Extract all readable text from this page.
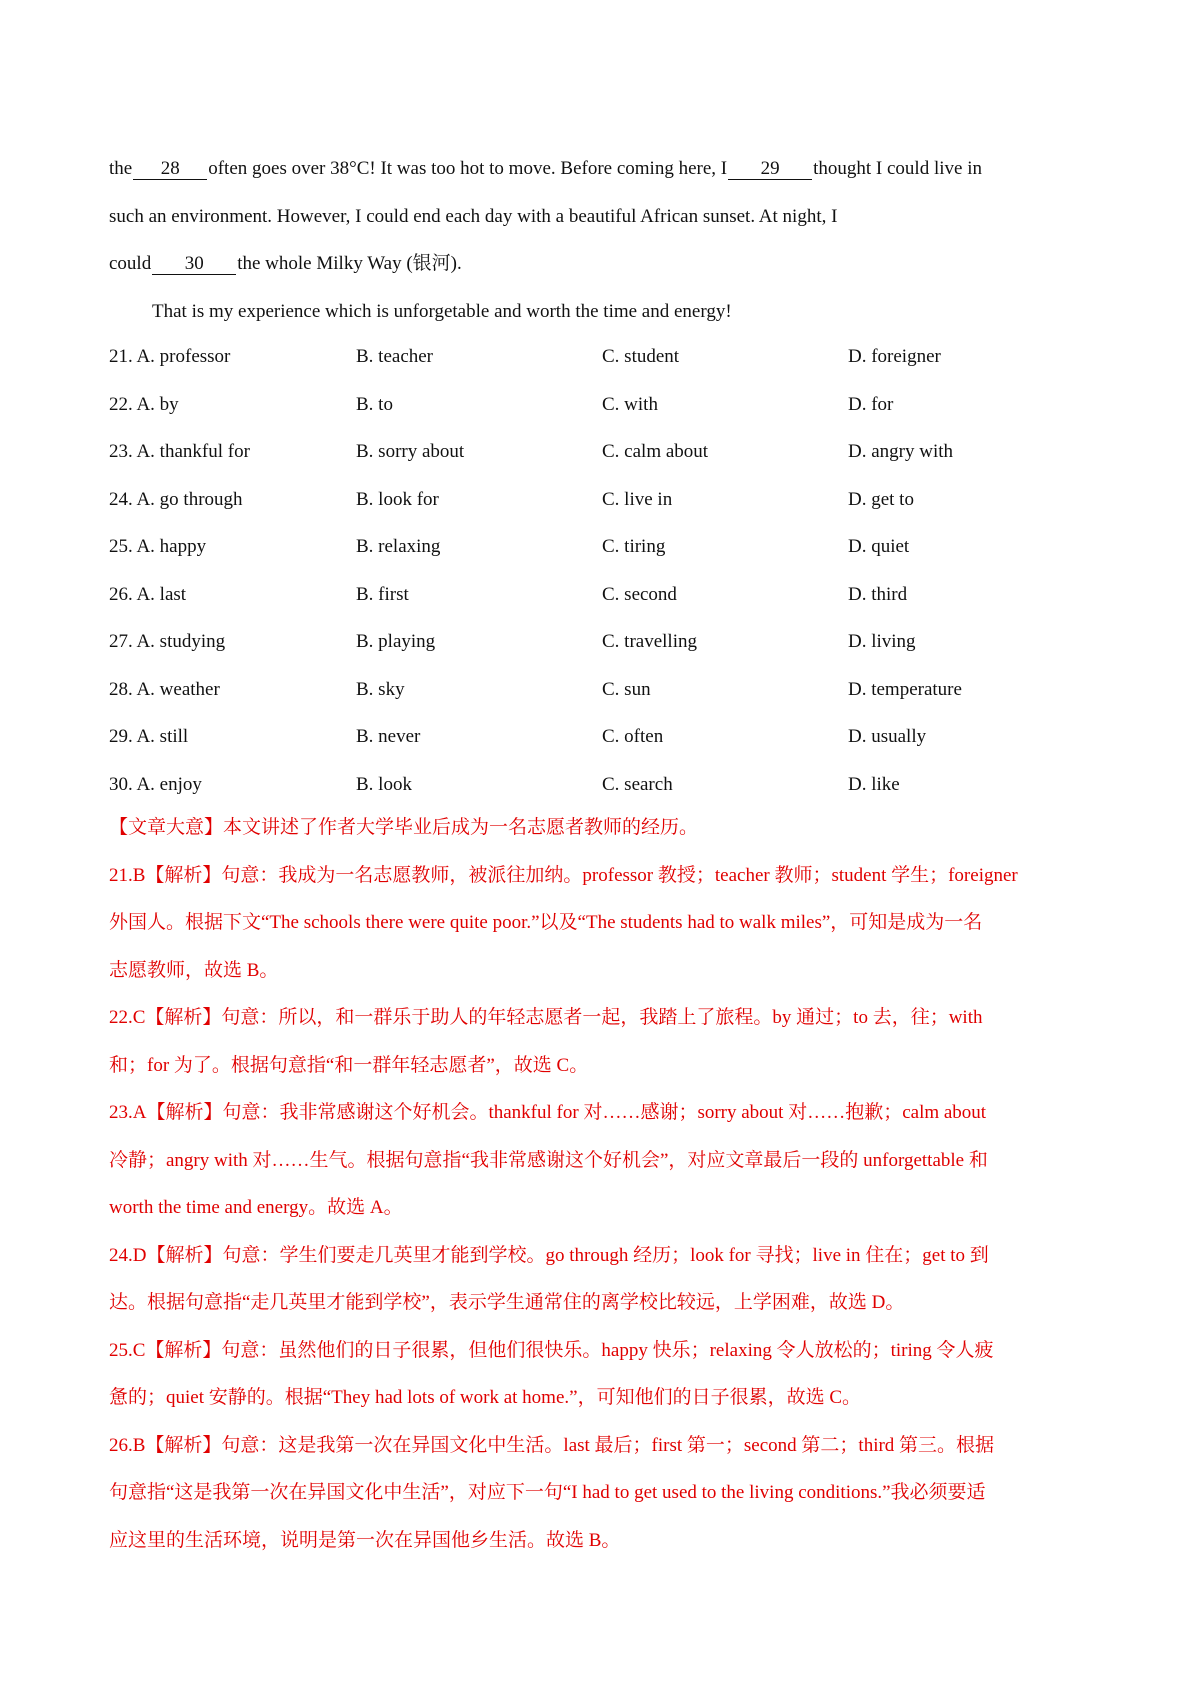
the 28 often goes over 38°C! It was too hot to move. Before coming here, I 29 thought I could live in
such an environment. However, I could end each day with a beautiful African sunset. At night, I
could 30 the whole Milky Way (银河).
That is my experience which is unforgetable and worth the time and energy!
21. A. professor	B. teacher	C. student	D. foreigner
22. A. by	B. to	C. with	D. for
23. A. thankful for	B. sorry about	C. calm about	D. angry with
24. A. go through	B. look for	C. live in	D. get to
25. A. happy	B. relaxing	C. tiring	D. quiet
26. A. last	B. first	C. second	D. third
27. A. studying	B. playing	C. travelling	D. living
28. A. weather	B. sky	C. sun	D. temperature
29. A. still	B. never	C. often	D. usually
30. A. enjoy	B. look	C. search	D. like
【文章大意】本文讲述了作者大学毕业后成为一名志愿者教师的经历。
21.B【解析】句意：我成为一名志愿教师，被派往加纳。professor 教授；teacher 教师；student 学生；foreigner
外国人。根据下文“The schools there were quite poor.”以及“The students had to walk miles”，可知是成为一名
志愿教师，故选 B。
22.C【解析】句意：所以，和一群乐于助人的年轻志愿者一起，我踏上了旅程。by 通过；to 去，往；with
和；for 为了。根据句意指“和一群年轻志愿者”，故选 C。
23.A【解析】句意：我非常感谢这个好机会。thankful for 对……感谢；sorry about 对……抱歉；calm about
冷静；angry with 对……生气。根据句意指“我非常感谢这个好机会”，对应文章最后一段的 unforgettable 和
worth the time and energy。故选 A。
24.D【解析】句意：学生们要走几英里才能到学校。go through 经历；look for 寻找；live in 住在；get to 到
达。根据句意指“走几英里才能到学校”，表示学生通常住的离学校比较远，上学困难，故选 D。
25.C【解析】句意：虽然他们的日子很累，但他们很快乐。happy 快乐；relaxing 令人放松的；tiring 令人疲
惫的；quiet 安静的。根据“They had lots of work at home.”，可知他们的日子很累，故选 C。
26.B【解析】句意：这是我第一次在异国文化中生活。last 最后；first 第一；second 第二；third 第三。根据
句意指“这是我第一次在异国文化中生活”，对应下一句“I had to get used to the living conditions.”我必须要适
应这里的生活环境，说明是第一次在异国他乡生活。故选 B。
